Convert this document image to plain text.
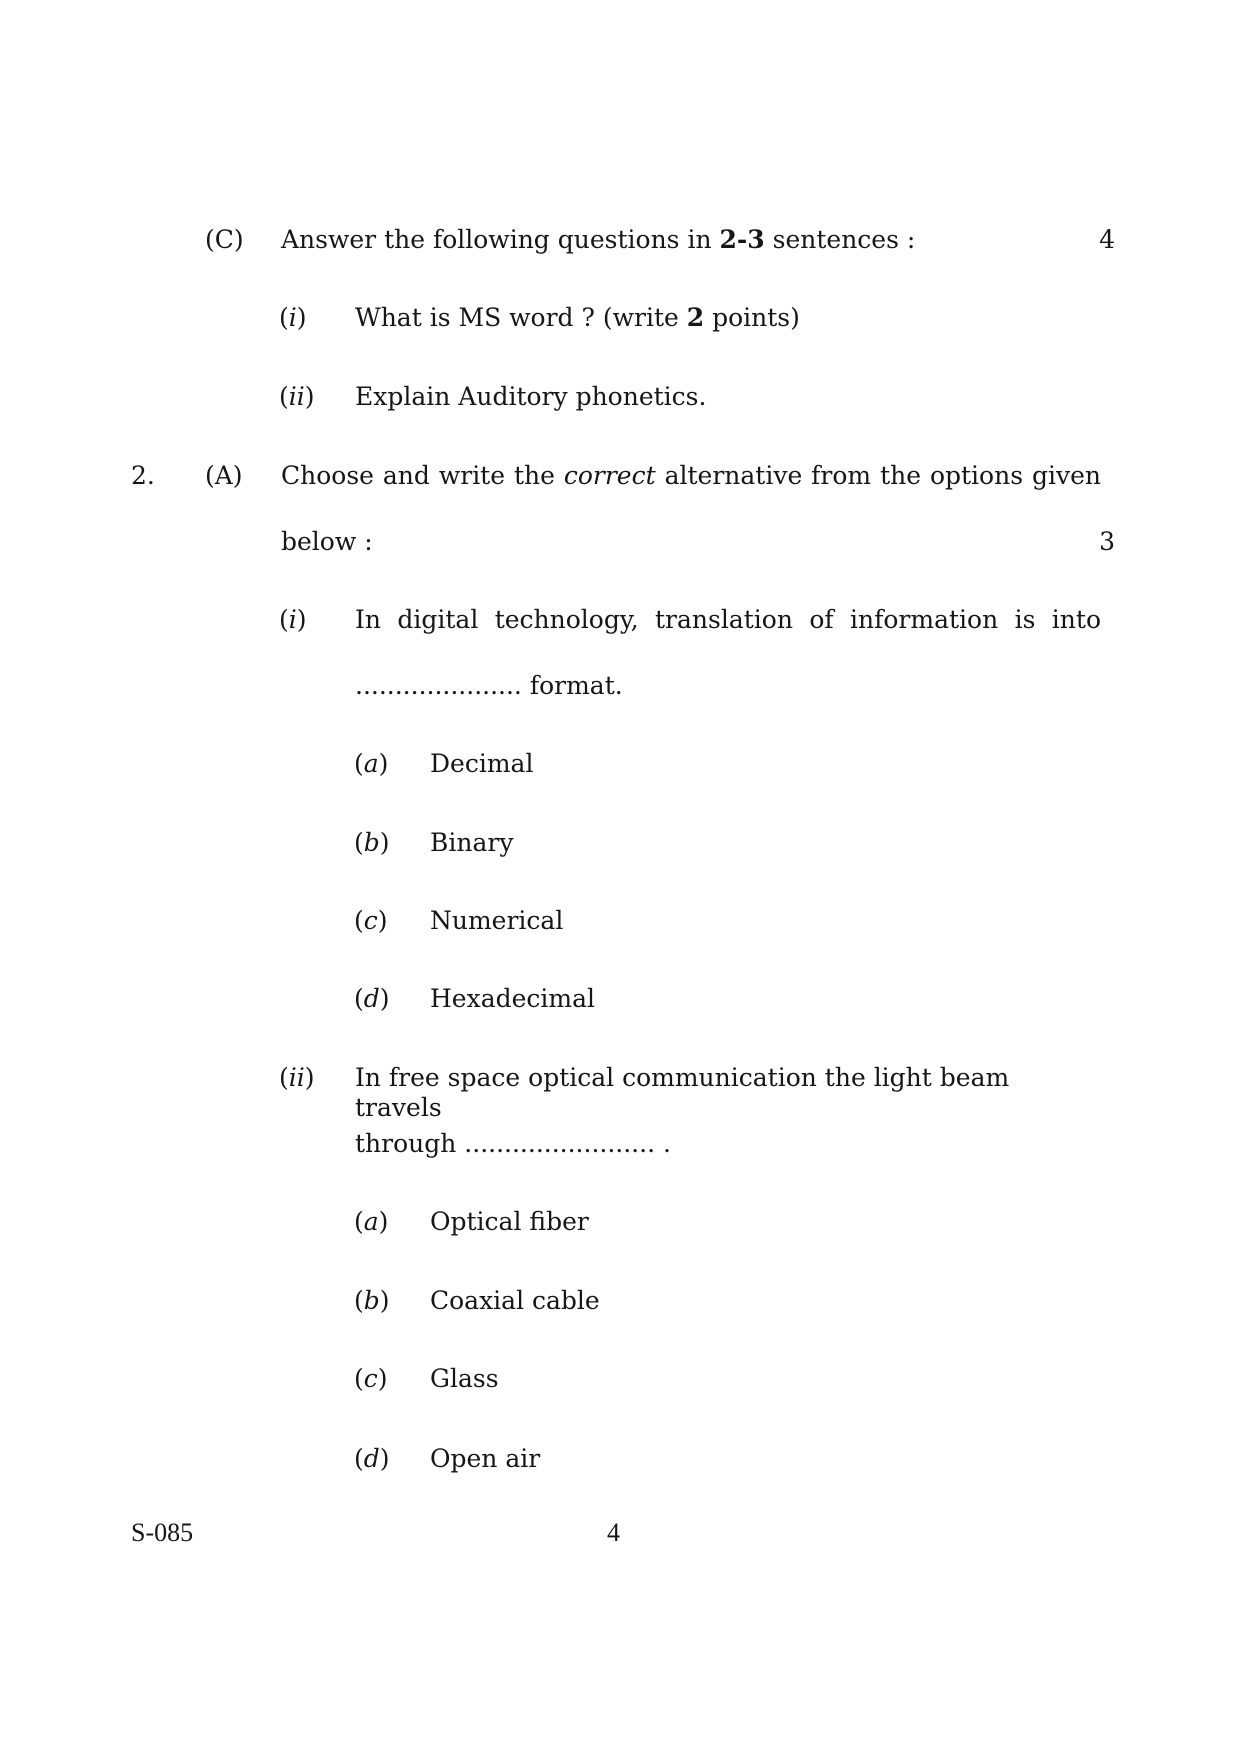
(C) Answer the following questions in 2-3 sentences :	4
(i) What is MS word ? (write 2 points)
(ii) Explain Auditory phonetics.
2. (A) Choose and write the correct alternative from the options given
below :	3
(i) In digital technology, translation of information is into
..................... format.
(a) Decimal
(b) Binary
(c) Numerical
(d) Hexadecimal
(ii) In free space optical communication the light beam travels
through ........................ .
(a) Optical fiber
(b) Coaxial cable
(c) Glass
(d) Open air
S-085	4
